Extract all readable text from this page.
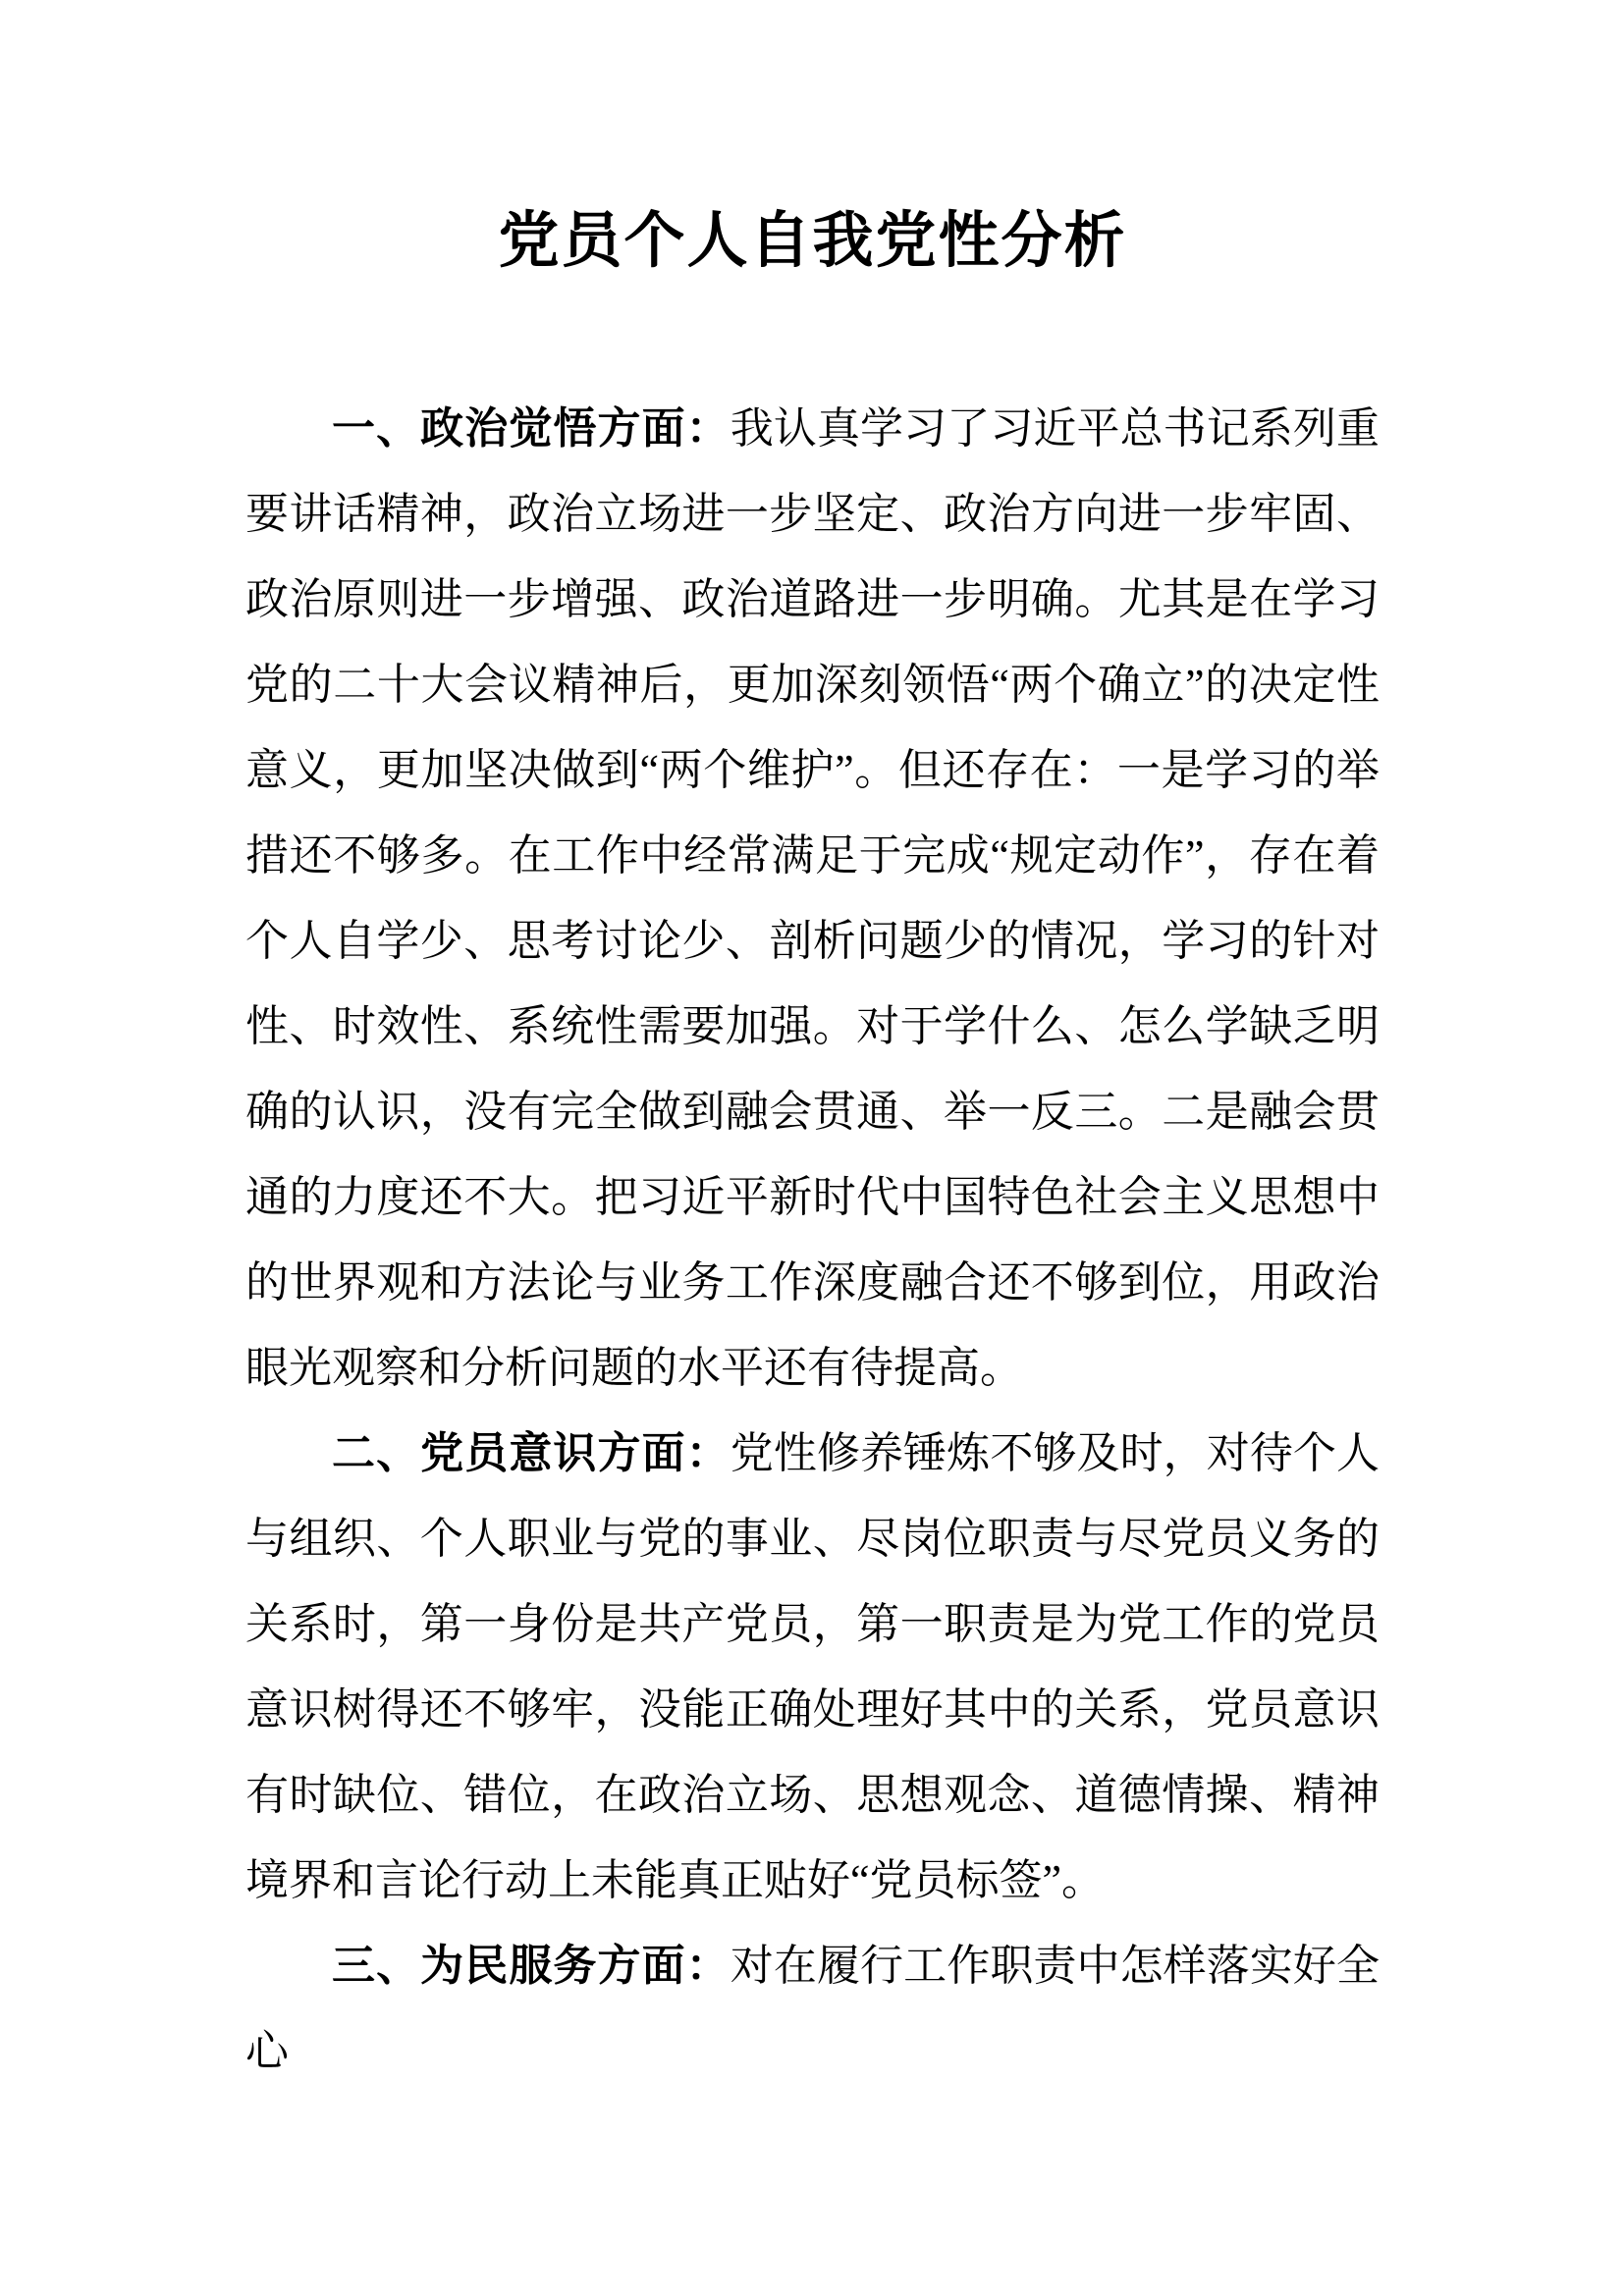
党员个人自我党性分析

一、政治觉悟方面：我认真学习了习近平总书记系列重要讲话精神，政治立场进一步坚定、政治方向进一步牢固、政治原则进一步增强、政治道路进一步明确。尤其是在学习党的二十大会议精神后，更加深刻领悟“两个确立”的决定性意义，更加坚决做到“两个维护”。但还存在：一是学习的举措还不够多。在工作中经常满足于完成“规定动作”，存在着个人自学少、思考讨论少、剖析问题少的情况，学习的针对性、时效性、系统性需要加强。对于学什么、怎么学缺乏明确的认识，没有完全做到融会贯通、举一反三。二是融会贯通的力度还不大。把习近平新时代中国特色社会主义思想中的世界观和方法论与业务工作深度融合还不够到位，用政治眼光观察和分析问题的水平还有待提高。

二、党员意识方面：党性修养锤炼不够及时，对待个人与组织、个人职业与党的事业、尽岗位职责与尽党员义务的关系时，第一身份是共产党员，第一职责是为党工作的党员意识树得还不够牢，没能正确处理好其中的关系，党员意识有时缺位、错位，在政治立场、思想观念、道德情操、精神境界和言论行动上未能真正贴好“党员标签”。

三、为民服务方面：对在履行工作职责中怎样落实好全心
